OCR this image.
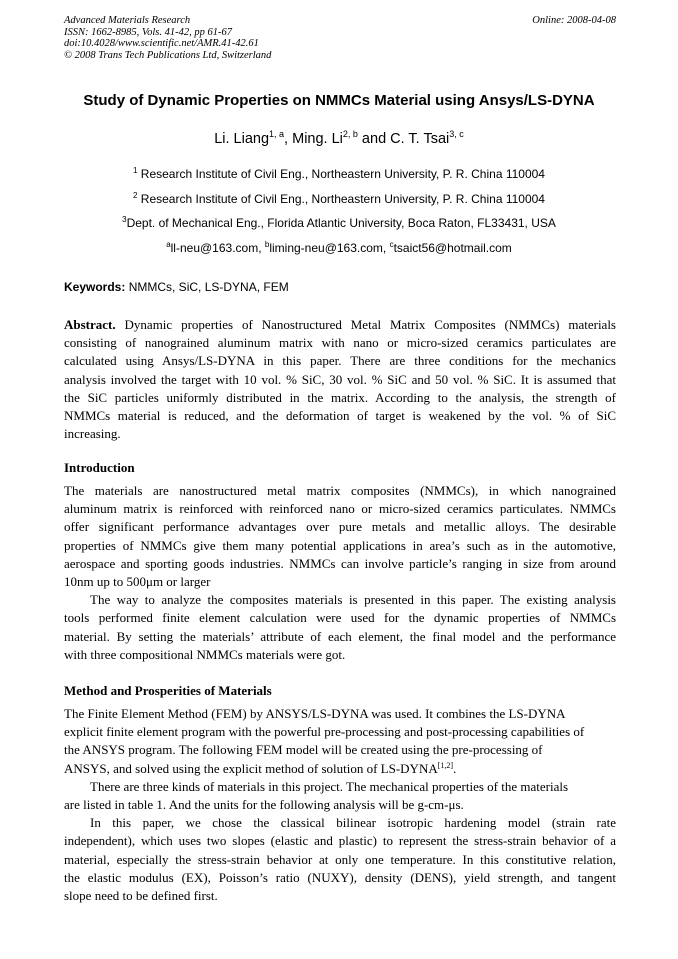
Advanced Materials Research
ISSN: 1662-8985, Vols. 41-42, pp 61-67
doi:10.4028/www.scientific.net/AMR.41-42.61
© 2008 Trans Tech Publications Ltd, Switzerland
Online: 2008-04-08
Study of Dynamic Properties on NMMCs Material using Ansys/LS-DYNA
Li. Liang$^{1, a}$, Ming. Li$^{2, b}$ and C. T. Tsai$^{3, c}$
$^1$ Research Institute of Civil Eng., Northeastern University, P. R. China 110004
$^2$ Research Institute of Civil Eng., Northeastern University, P. R. China 110004
$^3$Dept. of Mechanical Eng., Florida Atlantic University, Boca Raton, FL33431, USA
$^a$ll-neu@163.com, $^b$liming-neu@163.com, $^c$tsaict56@hotmail.com
Keywords: NMMCs, SiC, LS-DYNA, FEM
Abstract. Dynamic properties of Nanostructured Metal Matrix Composites (NMMCs) materials
consisting of nanograined aluminum matrix with nano or micro-sized ceramics particulates are
calculated using Ansys/LS-DYNA in this paper. There are three conditions for the mechanics
analysis involved the target with 10 vol. % SiC, 30 vol. % SiC and 50 vol. % SiC. It is assumed that
the SiC particles uniformly distributed in the matrix. According to the analysis, the strength of
NMMCs material is reduced, and the deformation of target is weakened by the vol. % of SiC
increasing.
Introduction
The materials are nanostructured metal matrix composites (NMMCs), in which nanograined
aluminum matrix is reinforced with reinforced nano or micro-sized ceramics particulates. NMMCs
offer significant performance advantages over pure metals and metallic alloys. The desirable
properties of NMMCs give them many potential applications in area’s such as in the automotive,
aerospace and sporting goods industries. NMMCs can involve particle’s ranging in size from around
10nm up to 500μm or larger
The way to analyze the composites materials is presented in this paper. The existing analysis
tools performed finite element calculation were used for the dynamic properties of NMMCs
material. By setting the materials’ attribute of each element, the final model and the performance
with three compositional NMMCs materials were got.
Method and Prosperities of Materials
The Finite Element Method (FEM) by ANSYS/LS-DYNA was used. It combines the LS-DYNA
explicit finite element program with the powerful pre-processing and post-processing capabilities of
the ANSYS program. The following FEM model will be created using the pre-processing of
ANSYS, and solved using the explicit method of solution of LS-DYNA[1,2].
There are three kinds of materials in this project. The mechanical properties of the materials
are listed in table 1. And the units for the following analysis will be g-cm-μs.
In this paper, we chose the classical bilinear isotropic hardening model (strain rate
independent), which uses two slopes (elastic and plastic) to represent the stress-strain behavior of a
material, especially the stress-strain behavior at only one temperature. In this constitutive relation,
the elastic modulus (EX), Poisson’s ratio (NUXY), density (DENS), yield strength, and tangent
slope need to be defined first.
